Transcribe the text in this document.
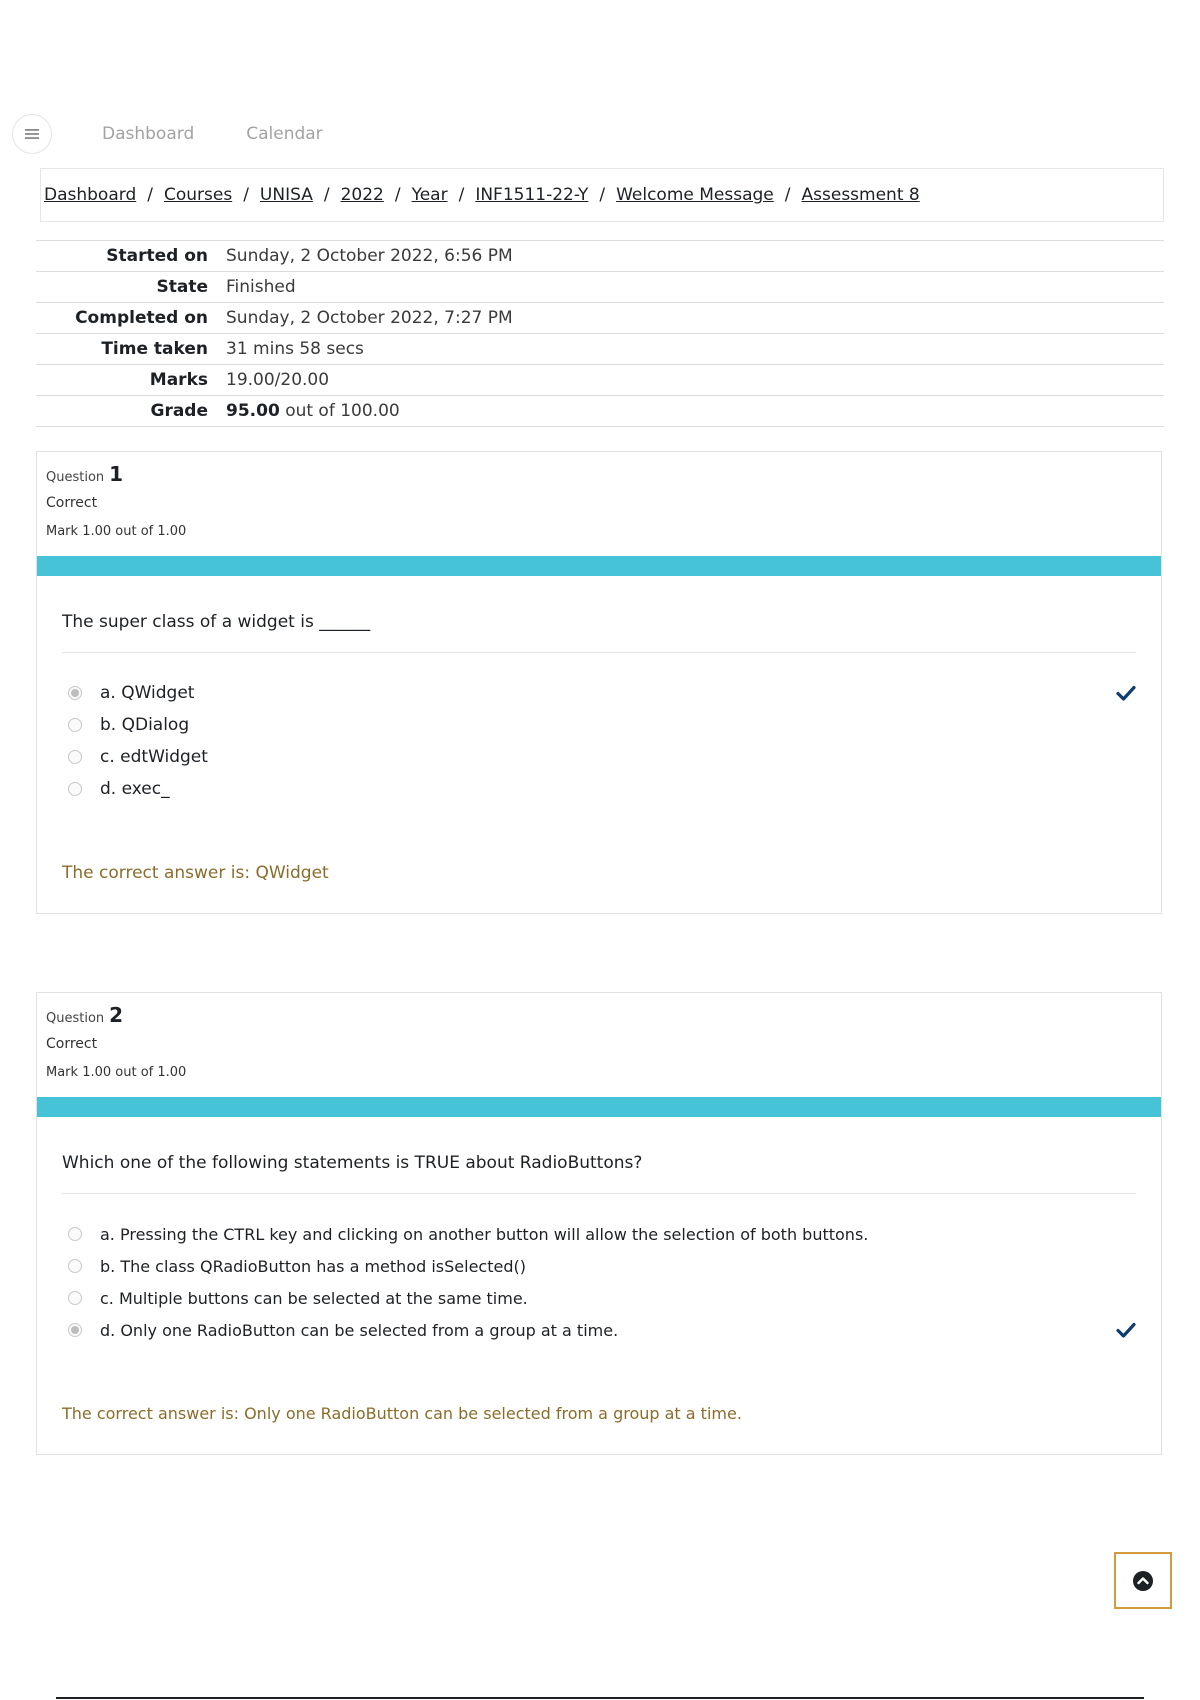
Dashboard	Calendar
Dashboard / Courses / UNISA / 2022 / Year / INF1511-22-Y / Welcome Message / Assessment 8
Started on	Sunday, 2 October 2022, 6:56 PM
State	Finished
Completed on	Sunday, 2 October 2022, 7:27 PM
Time taken	31 mins 58 secs
Marks	19.00/20.00
Grade	95.00 out of 100.00
Question 1
Correct
Mark 1.00 out of 1.00
The super class of a widget is ______
a. QWidget
b. QDialog
c. edtWidget
d. exec_
The correct answer is: QWidget
Question 2
Correct
Mark 1.00 out of 1.00
Which one of the following statements is TRUE about RadioButtons?
a. Pressing the CTRL key and clicking on another button will allow the selection of both buttons.
b. The class QRadioButton has a method isSelected()
c. Multiple buttons can be selected at the same time.
d. Only one RadioButton can be selected from a group at a time.
The correct answer is: Only one RadioButton can be selected from a group at a time.
